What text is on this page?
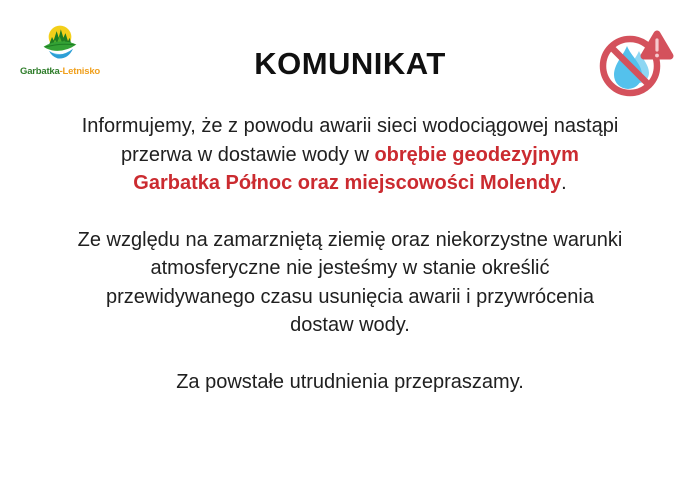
Garbatka-Letnisko	KOMUNIKAT

Informujemy, że z powodu awarii sieci wodociągowej nastąpi
przerwa w dostawie wody w obrębie geodezyjnym
Garbatka Północ oraz miejscowości Molendy.

Ze względu na zamarzniętą ziemię oraz niekorzystne warunki
atmosferyczne nie jesteśmy w stanie określić
przewidywanego czasu usunięcia awarii i przywrócenia
dostaw wody.

Za powstałe utrudnienia przepraszamy.
